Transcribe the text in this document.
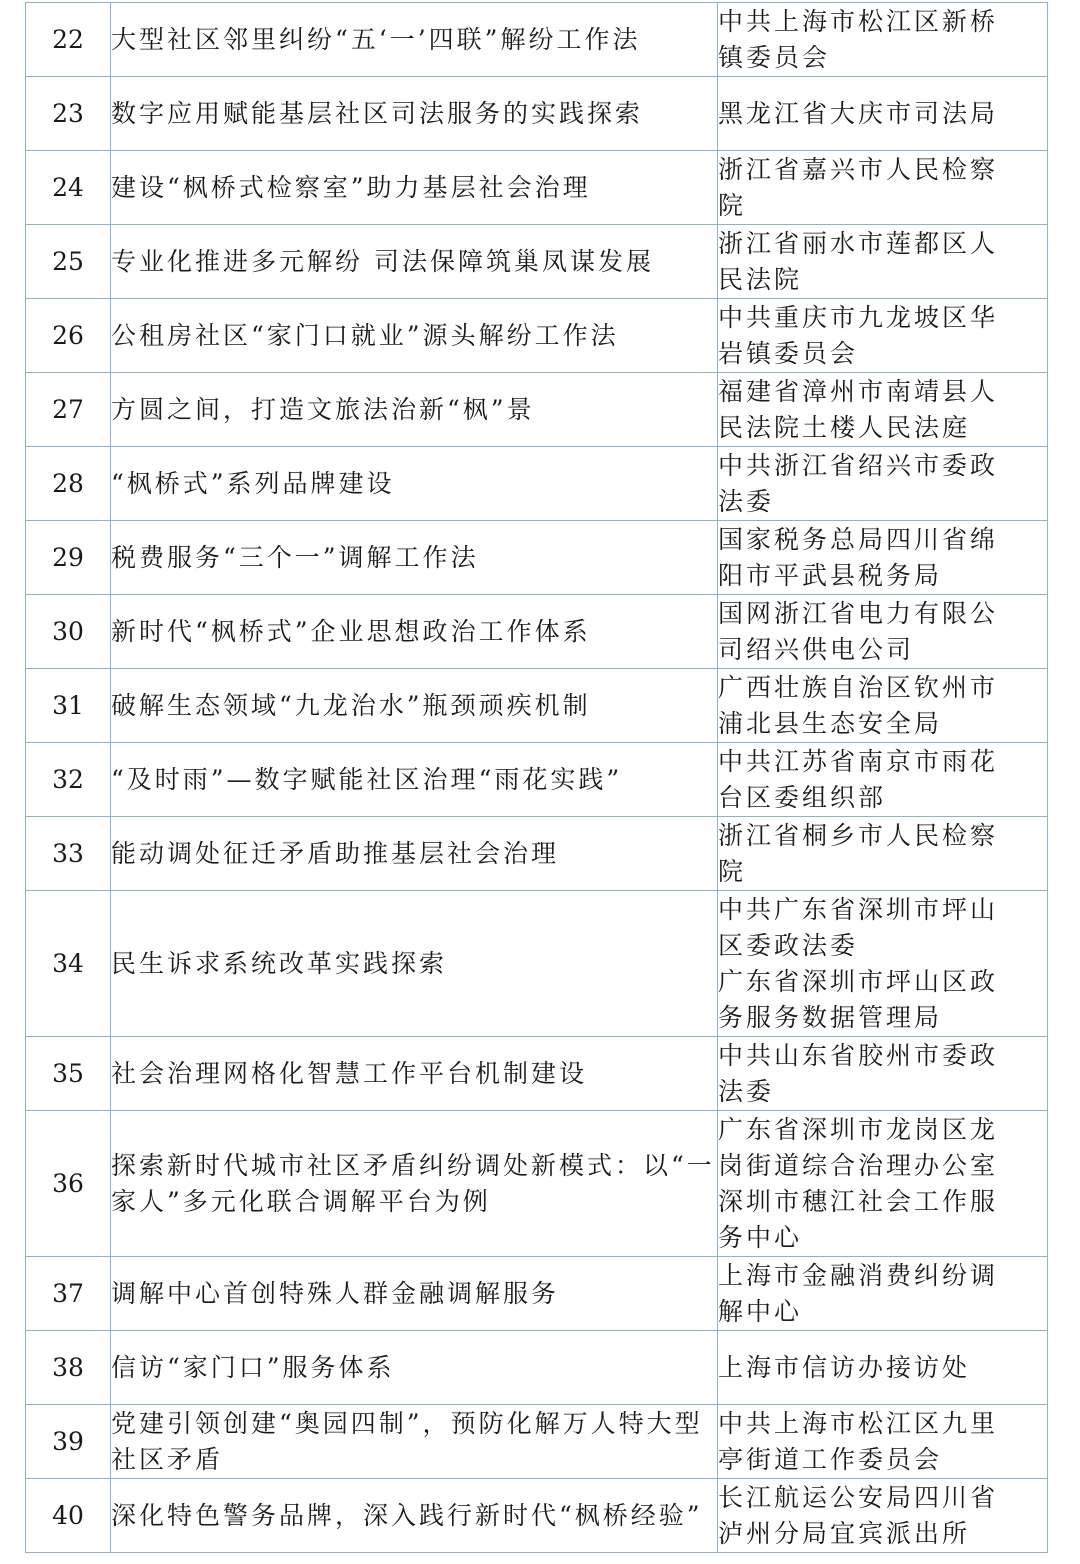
22	大型社区邻里纠纷“五‘一’四联”解纷工作法	中共上海市松江区新桥
镇委员会

23	数字应用赋能基层社区司法服务的实践探索	黑龙江省大庆市司法局

24	建设“枫桥式检察室”助力基层社会治理	浙江省嘉兴市人民检察
院

25	专业化推进多元解纷 司法保障筑巢凤谋发展	浙江省丽水市莲都区人
民法院

26	公租房社区“家门口就业”源头解纷工作法	中共重庆市九龙坡区华
岩镇委员会

27	方圆之间，打造文旅法治新“枫”景	福建省漳州市南靖县人
民法院土楼人民法庭

28	“枫桥式”系列品牌建设	中共浙江省绍兴市委政
法委

29	税费服务“三个一”调解工作法	国家税务总局四川省绵
阳市平武县税务局

30	新时代“枫桥式”企业思想政治工作体系	国网浙江省电力有限公
司绍兴供电公司

31	破解生态领域“九龙治水”瓶颈顽疾机制	广西壮族自治区钦州市
浦北县生态安全局

32	“及时雨”—数字赋能社区治理“雨花实践”	中共江苏省南京市雨花
台区委组织部

33	能动调处征迁矛盾助推基层社会治理	浙江省桐乡市人民检察
院

34	民生诉求系统改革实践探索	中共广东省深圳市坪山
区委政法委
广东省深圳市坪山区政
务服务数据管理局

35	社会治理网格化智慧工作平台机制建设	中共山东省胶州市委政
法委

36	探索新时代城市社区矛盾纠纷调处新模式：以“一家人”多元化联合调解平台为例	广东省深圳市龙岗区龙
岗街道综合治理办公室
深圳市穗江社会工作服
务中心

37	调解中心首创特殊人群金融调解服务	上海市金融消费纠纷调
解中心

38	信访“家门口”服务体系	上海市信访办接访处

39	党建引领创建“奥园四制”，预防化解万人特大型社区矛盾	中共上海市松江区九里
亭街道工作委员会

40	深化特色警务品牌，深入践行新时代“枫桥经验”	长江航运公安局四川省
泸州分局宜宾派出所
